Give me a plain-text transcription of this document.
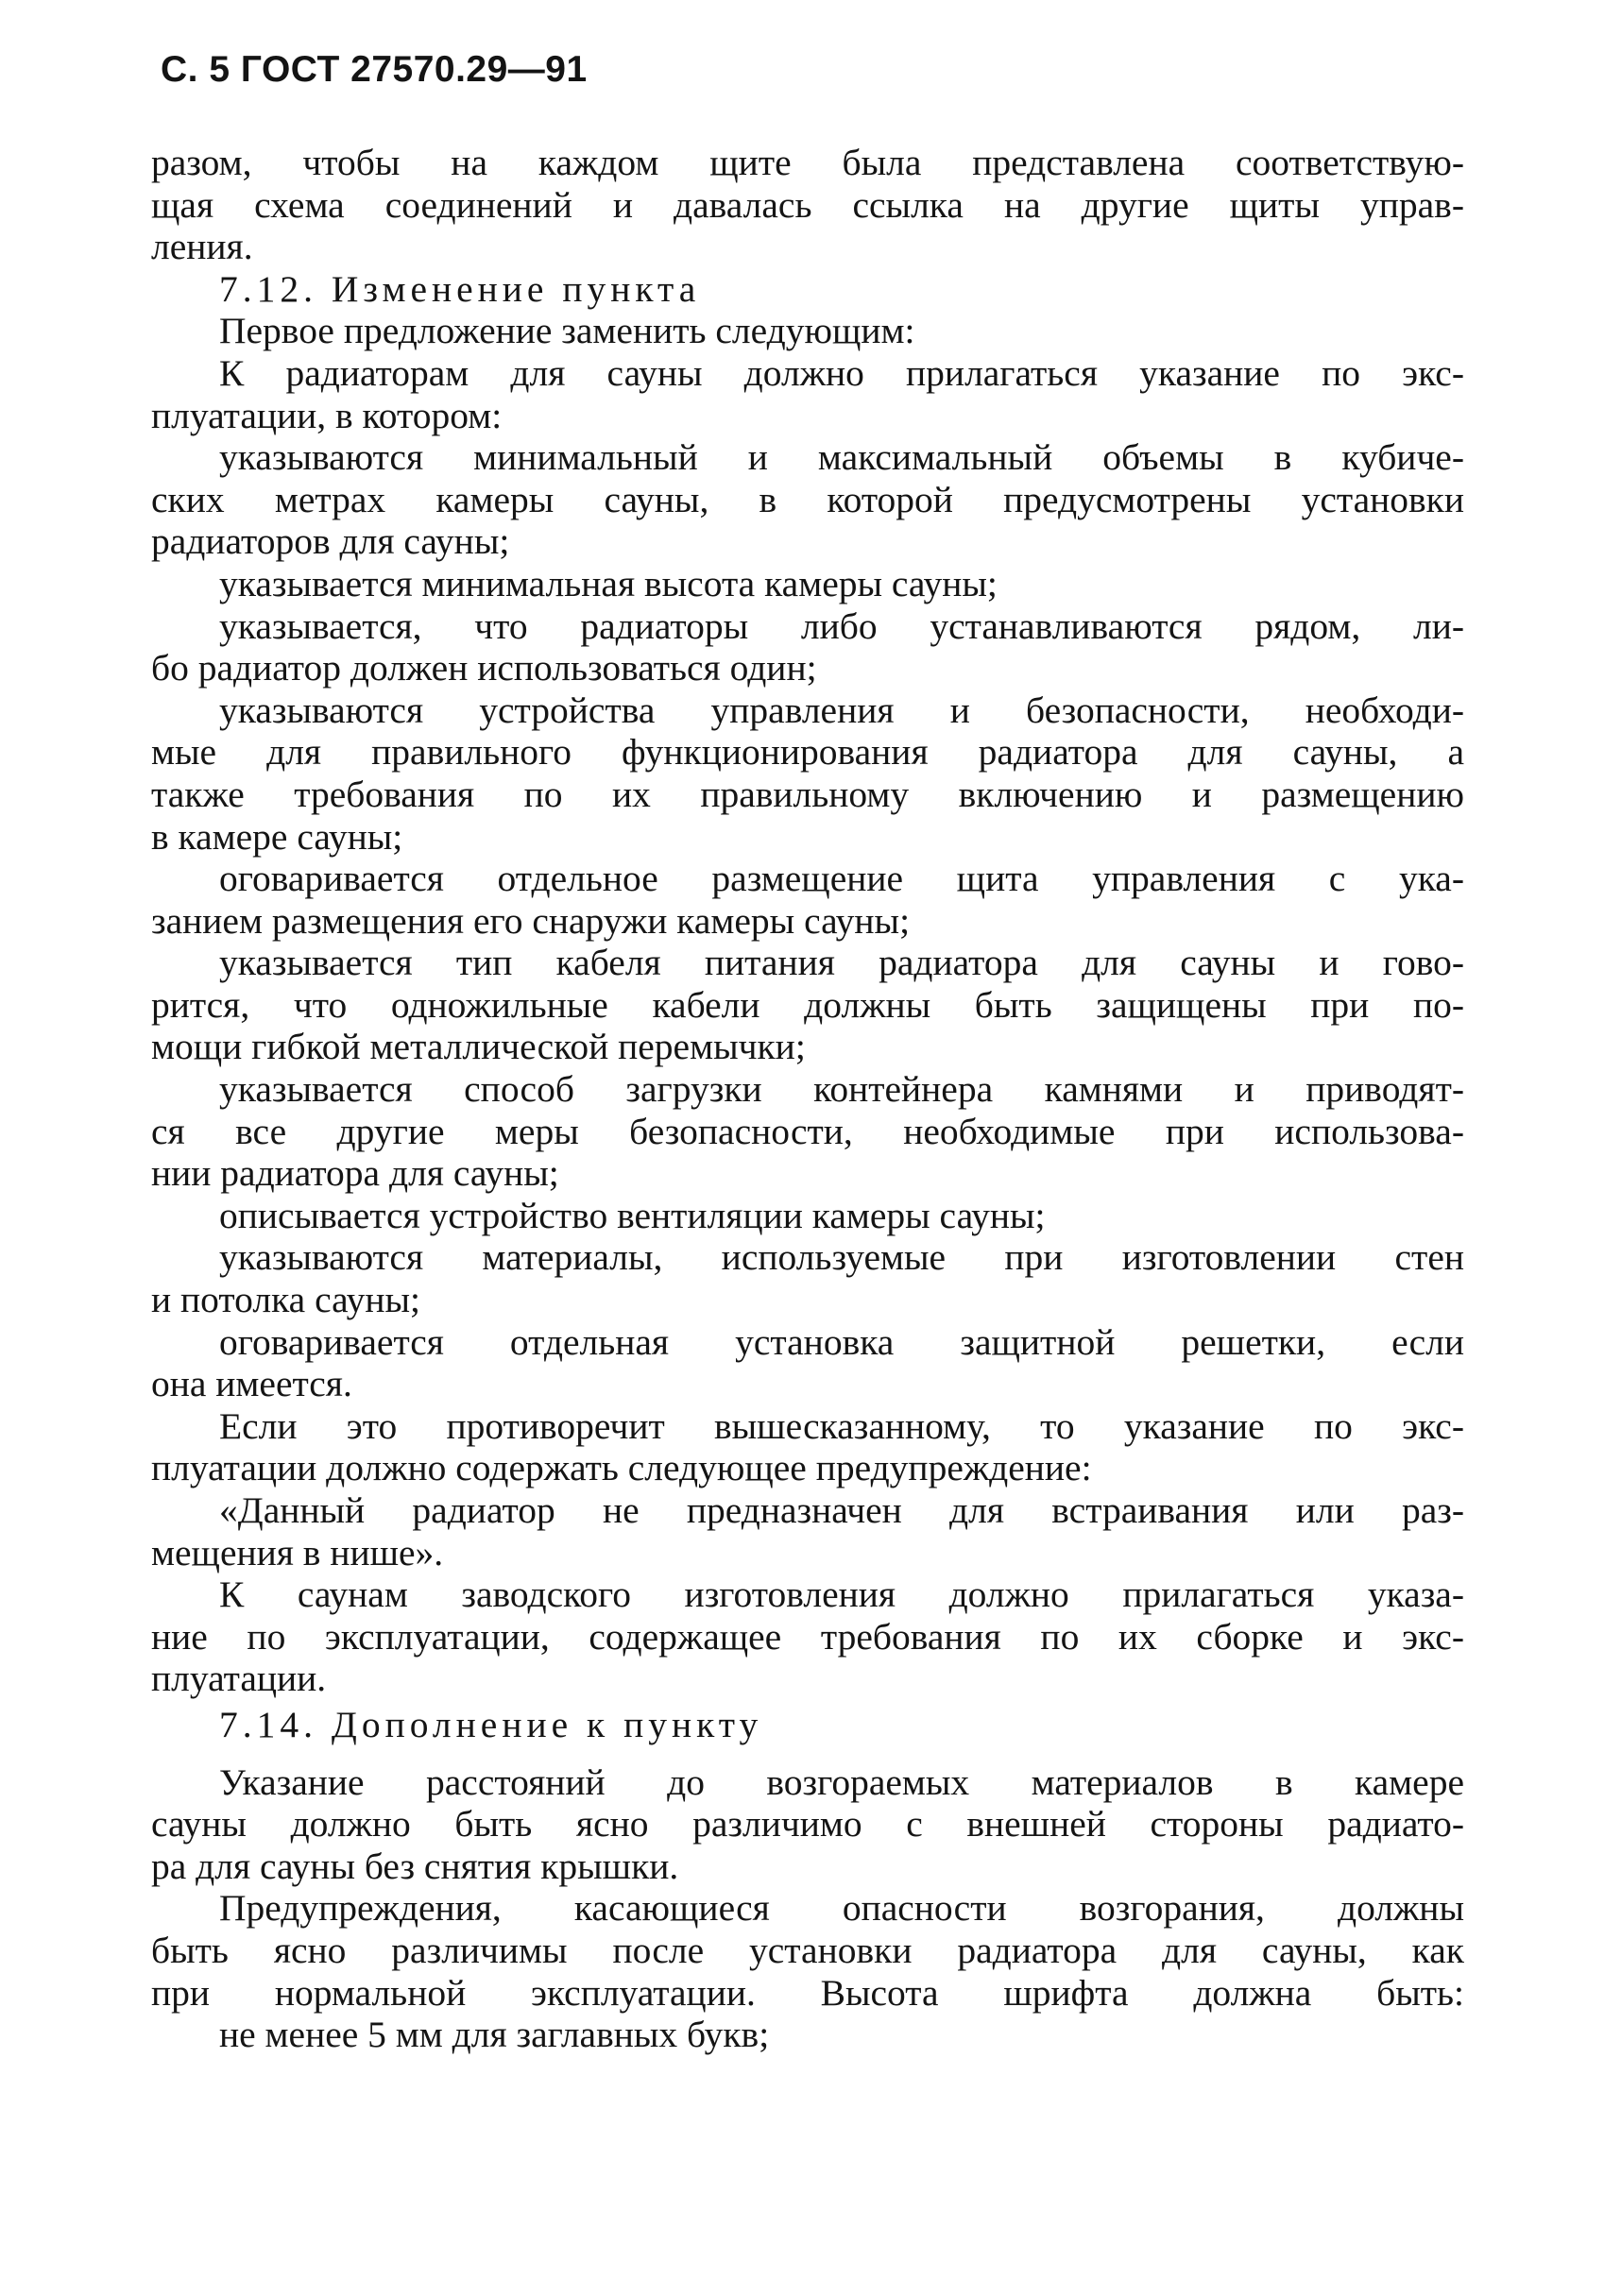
С. 5 ГОСТ 27570.29—91
разом, чтобы на каждом щите была представлена соответствую-
щая схема соединений и давалась ссылка на другие щиты управ-
ления.
7.12. Изменение пункта
Первое предложение заменить следующим:
К радиаторам для сауны должно прилагаться указание по экс-
плуатации, в котором:
указываются минимальный и максимальный объемы в кубиче-
ских метрах камеры сауны, в которой предусмотрены установки
радиаторов для сауны;
указывается минимальная высота камеры сауны;
указывается, что радиаторы либо устанавливаются рядом, ли-
бо радиатор должен использоваться один;
указываются устройства управления и безопасности, необходи-
мые для правильного функционирования радиатора для сауны, а
также требования по их правильному включению и размещению
в камере сауны;
оговаривается отдельное размещение щита управления с ука-
занием размещения его снаружи камеры сауны;
указывается тип кабеля питания радиатора для сауны и гово-
рится, что одножильные кабели должны быть защищены при по-
мощи гибкой металлической перемычки;
указывается способ загрузки контейнера камнями и приводят-
ся все другие меры безопасности, необходимые при использова-
нии радиатора для сауны;
описывается устройство вентиляции камеры сауны;
указываются материалы, используемые при изготовлении стен
и потолка сауны;
оговаривается отдельная установка защитной решетки, если
она имеется.
Если это противоречит вышесказанному, то указание по экс-
плуатации должно содержать следующее предупреждение:
«Данный радиатор не предназначен для встраивания или раз-
мещения в нише».
К саунам заводского изготовления должно прилагаться указа-
ние по эксплуатации, содержащее требования по их сборке и экс-
плуатации.
7.14. Дополнение к пункту
Указание расстояний до возгораемых материалов в камере
сауны должно быть ясно различимо с внешней стороны радиато-
ра для сауны без снятия крышки.
Предупреждения, касающиеся опасности возгорания, должны
быть ясно различимы после установки радиатора для сауны, как
при нормальной эксплуатации. Высота шрифта должна быть:
не менее 5 мм для заглавных букв;
